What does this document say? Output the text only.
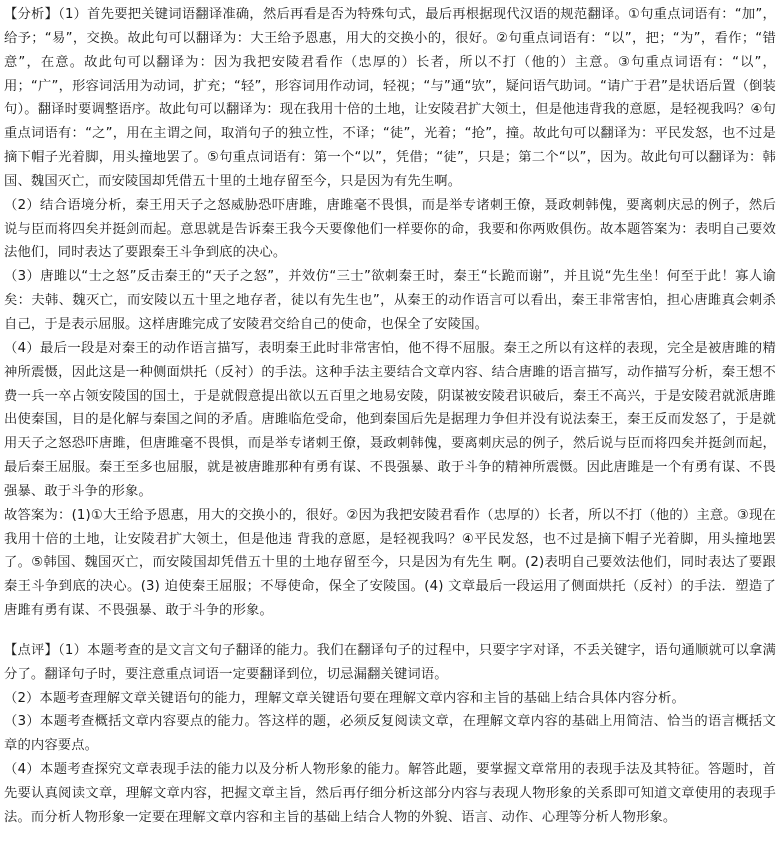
【分析】（1）首先要把关键词语翻译准确，然后再看是否为特殊句式，最后再根据现代汉语的规范翻译。①句重点词语有：“加”，给予；“易”，交换。故此句可以翻译为：大王给予恩惠，用大的交换小的，很好。②句重点词语有：“以”，把；“为”，看作；“错意”，在意。故此句可以翻译为：因为我把安陵君看作（忠厚的）长者，所以不打（他的）主意。③句重点词语有：“以”，用；“广”，形容词活用为动词，扩充；“轻”，形容词用作动词，轻视；“与”通“欤”，疑问语气助词。“请广于君”是状语后置（倒装句）。翻译时要调整语序。故此句可以翻译为：现在我用十倍的土地，让安陵君扩大领土，但是他违背我的意愿，是轻视我吗？④句重点词语有：“之”，用在主谓之间，取消句子的独立性，不译；“徒”，光着；“抢”，撞。故此句可以翻译为：平民发怒，也不过是摘下帽子光着脚，用头撞地罢了。⑤句重点词语有：第一个“以”，凭借；“徒”，只是；第二个“以”，因为。故此句可以翻译为：韩国、魏国灭亡，而安陵国却凭借五十里的土地存留至今，只是因为有先生啊。

（2）结合语境分析，秦王用天子之怒威胁恐吓唐雎，唐雎毫不畏惧，而是举专诸刺王僚，聂政刺韩傀，要离刺庆忌的例子，然后说与臣而将四矣并挺剑而起。意思就是告诉秦王我今天要像他们一样要你的命，我要和你两败俱伤。故本题答案为：表明自己要效法他们，同时表达了要跟秦王斗争到底的决心。

（3）唐雎以“士之怒”反击秦王的“天子之怒”，并效仿“三士”欲刺秦王时，秦王“长跪而谢”，并且说“先生坐！何至于此！寡人谕矣：夫韩、魏灭亡，而安陵以五十里之地存者，徒以有先生也”，从秦王的动作语言可以看出，秦王非常害怕，担心唐雎真会刺杀自己，于是表示屈服。这样唐雎完成了安陵君交给自己的使命，也保全了安陵国。

（4）最后一段是对秦王的动作语言描写，表明秦王此时非常害怕，他不得不屈服。秦王之所以有这样的表现，完全是被唐雎的精神所震慑，因此这是一种侧面烘托（反衬）的手法。这种手法主要结合文章内容、结合唐雎的语言描写，动作描写分析，秦王想不费一兵一卒占领安陵国的国土，于是就假意提出欲以五百里之地易安陵，阴谋被安陵君识破后，秦王不高兴，于是安陵君就派唐雎出使秦国，目的是化解与秦国之间的矛盾。唐雎临危受命，他到秦国后先是据理力争但并没有说法秦王，秦王反而发怒了，于是就用天子之怒恐吓唐雎，但唐雎毫不畏惧，而是举专诸刺王僚，聂政刺韩傀，要离刺庆忌的例子，然后说与臣而将四矣并挺剑而起，最后秦王屈服。秦王至多也屈服，就是被唐雎那种有勇有谋、不畏强暴、敢于斗争的精神所震慑。因此唐雎是一个有勇有谋、不畏强暴、敢于斗争的形象。

故答案为：(1)①大王给予恩惠，用大的交换小的，很好。②因为我把安陵君看作（忠厚的）长者，所以不打（他的）主意。③现在我用十倍的土地，让安陵君扩大领土，但是他违 背我的意愿，是轻视我吗？④平民发怒，也不过是摘下帽子光着脚，用头撞地罢了。⑤韩国、魏国灭亡，而安陵国却凭借五十里的土地存留至今，只是因为有先生 啊。(2)表明自己要效法他们，同时表达了要跟秦王斗争到底的决心。(3) 迫使秦王屈服；不辱使命，保全了安陵国。(4) 文章最后一段运用了侧面烘托（反衬）的手法．塑造了唐雎有勇有谋、不畏强暴、敢于斗争的形象。

【点评】（1）本题考查的是文言文句子翻译的能力。我们在翻译句子的过程中，只要字字对译，不丢关键字，语句通顺就可以拿满分了。翻译句子时，要注意重点词语一定要翻译到位，切忌漏翻关键词语。

（2）本题考查理解文章关键语句的能力，理解文章关键语句要在理解文章内容和主旨的基础上结合具体内容分析。

（3）本题考查概括文章内容要点的能力。答这样的题，必须反复阅读文章，在理解文章内容的基础上用简洁、恰当的语言概括文章的内容要点。

（4）本题考查探究文章表现手法的能力以及分析人物形象的能力。解答此题，要掌握文章常用的表现手法及其特征。答题时，首先要认真阅读文章，理解文章内容，把握文章主旨，然后再仔细分析这部分内容与表现人物形象的关系即可知道文章使用的表现手法。而分析人物形象一定要在理解文章内容和主旨的基础上结合人物的外貌、语言、动作、心理等分析人物形象。
